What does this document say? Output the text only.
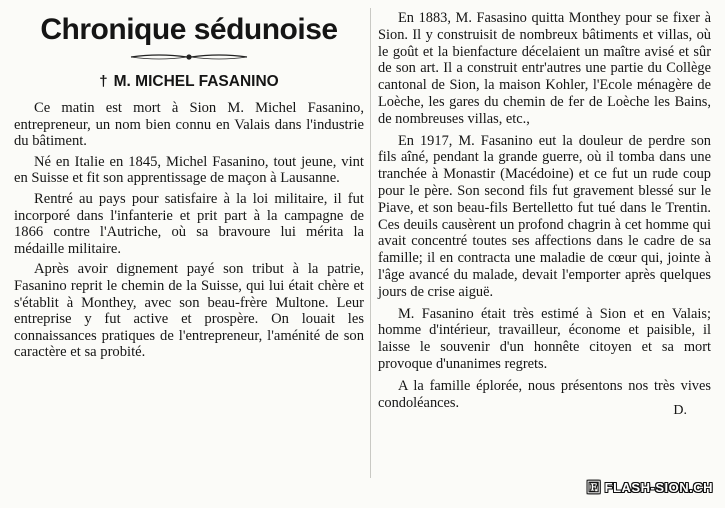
Chronique sédunoise
† M. MICHEL FASANINO

Ce matin est mort à Sion M. Michel Fasanino, entrepreneur, un nom bien connu en Valais dans l'industrie du bâtiment.

Né en Italie en 1845, Michel Fasanino, tout jeune, vint en Suisse et fit son apprentissage de maçon à Lausanne.

Rentré au pays pour satisfaire à la loi militaire, il fut incorporé dans l'infanterie et prit part à la campagne de 1866 contre l'Autriche, où sa bravoure lui mérita la médaille militaire.

Après avoir dignement payé son tribut à la patrie, Fasanino reprit le chemin de la Suisse, qui lui était chère et s'établit à Monthey, avec son beau-frère Multone. Leur entreprise y fut active et prospère. On louait les connaissances pratiques de l'entrepreneur, l'aménité de son caractère et sa probité.

En 1883, M. Fasasino quitta Monthey pour se fixer à Sion. Il y construisit de nombreux bâtiments et villas, où le goût et la bienfacture décelaient un maître avisé et sûr de son art. Il a construit entr'autres une partie du Collège cantonal de Sion, la maison Kohler, l'Ecole ménagère de Loèche, les gares du chemin de fer de Loèche les Bains, de nombreuses villas, etc.,

En 1917, M. Fasanino eut la douleur de perdre son fils aîné, pendant la grande guerre, où il tomba dans une tranchée à Monastir (Macédoine) et ce fut un rude coup pour le père. Son second fils fut gravement blessé sur le Piave, et son beau-fils Bertelletto fut tué dans le Trentin. Ces deuils causèrent un profond chagrin à cet homme qui avait concentré toutes ses affections dans le cadre de sa famille; il en contracta une maladie de cœur qui, jointe à l'âge avancé du malade, devait l'emporter après quelques jours de crise aiguë.

M. Fasanino était très estimé à Sion et en Valais; homme d'intérieur, travailleur, économe et paisible, il laisse le souvenir d'un honnête citoyen et sa mort provoque d'unanimes regrets.

A la famille éplorée, nous présentons nos très vives condoléances.

D.
🄵 FLASH-SION.CH
